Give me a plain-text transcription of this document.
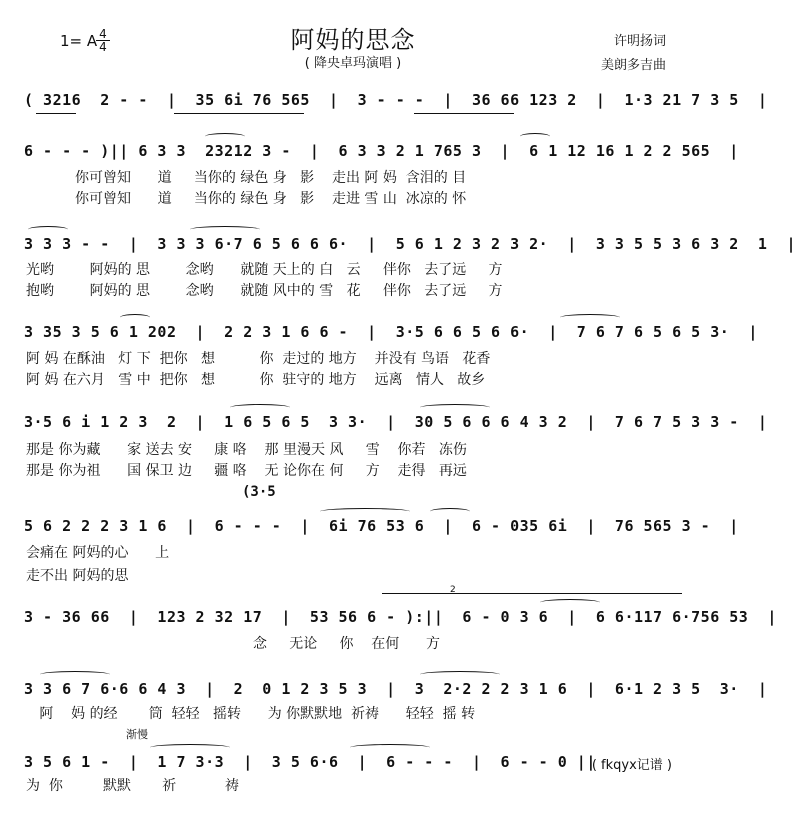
1= A
$\frac{4}{4}$	阿妈的思念
( 降央卓玛演唱 )
许明扬词
美朗多吉曲
( 3216  2 - -  |  35 6i 76 565  |  3 - - -  |  36 66 123 2  |  1·3 21 7 3 5  |
6 - - - )|| 6 3 3  23212 3 -  |  6 3 3 2 1 765 3  |  6 1 12 16 1 2 2 565  |
你可曾知      道     当你的 绿色 身   影    走出 阿 妈  含泪的 目
你可曾知      道     当你的 绿色 身   影    走进 雪 山  冰凉的 怀
3 3 3 - -  |  3 3 3 6·7 6 5 6 6 6·  |  5 6 1 2 3 2 3 2·  |  3 3 5 5 3 6 3 2  1  |
光哟        阿妈的 思        念哟      就随 天上的 白   云     伴你   去了远     方
抱哟        阿妈的 思        念哟      就随 风中的 雪   花     伴你   去了远     方
3 35 3 5 6 1 202  |  2 2 3 1 6 6 -  |  3·5 6 6 5 6 6·  |  7 6 7 6 5 6 5 3·  |
阿 妈 在酥油   灯 下  把你   想          你  走过的 地方    并没有 鸟语   花香
阿 妈 在六月   雪 中  把你   想          你  驻守的 地方    远离   情人   故乡
3·5 6 i 1 2 3  2  |  1 6 5 6 5  3 3·  |  30 5 6 6 6 4 3 2  |  7 6 7 5 3 3 -  |
那是 你为藏      家 送去 安     康 咯    那 里漫天 风     雪    你若   冻伤
那是 你为祖      国 保卫 边     疆 咯    无 论你在 何     方    走得   再远
(3·5
5 6 2 2 2 3 1 6  |  6 - - -  |  6i 76 53 6  |  6 - 035 6i  |  76 565 3 -  |
会痛在 阿妈的心      上
走不出 阿妈的思
2
3 - 36 66  |  123 2 32 17  |  53 56 6 - ):||  6 - 0 3 6  |  6 6·117 6·756 53  |
念     无论     你    在何      方
3 3 6 7 6·6 6 4 3  |  2  0 1 2 3 5 3  |  3  2·2 2 2 3 1 6  |  6·1 2 3 5  3·  |
阿    妈 的经       筒  轻轻   摇转      为 你默默地  祈祷      轻轻  摇 转
渐慢
3 5 6 1 -  |  1 7 3·3  |  3 5 6·6  |  6 - - -  |  6 - - 0 ||
为  你         默默       祈           祷
( fkqyx记谱 )
